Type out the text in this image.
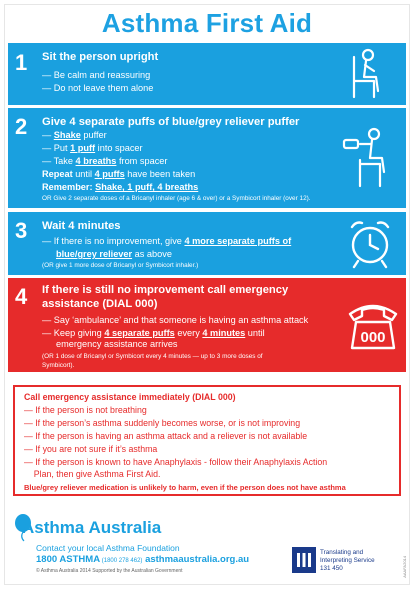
Asthma First Aid
1 Sit the person upright
— Be calm and reassuring
— Do not leave them alone
2 Give 4 separate puffs of blue/grey reliever puffer
— Shake puffer
— Put 1 puff into spacer
— Take 4 breaths from spacer
Repeat until 4 puffs have been taken
Remember: Shake, 1 puff, 4 breaths
OR Give 2 separate doses of a Bricanyl inhaler (age 6 & over) or a Symbicort inhaler (over 12).
3 Wait 4 minutes
— If there is no improvement, give 4 more separate puffs of
blue/grey reliever as above
(OR give 1 more dose of Bricanyl or Symbicort inhaler.)
4 If there is still no improvement call emergency
assistance (DIAL 000)
— Say ‘ambulance’ and that someone is having an asthma attack
— Keep giving 4 separate puffs every 4 minutes until
emergency assistance arrives
(OR 1 dose of Bricanyl or Symbicort every 4 minutes — up to 3 more doses of
Symbicort).
000
Call emergency assistance immediately (DIAL 000)
— If the person is not breathing
— If the person’s asthma suddenly becomes worse, or is not improving
— If the person is having an asthma attack and a reliever is not available
— If you are not sure if it’s asthma
— If the person is known to have Anaphylaxis - follow their Anaphylaxis Action
Plan, then give Asthma First Aid.
Blue/grey reliever medication is unlikely to harm, even if the person does not have asthma
Asthma Australia
Contact your local Asthma Foundation
1800 ASTHMA (1800 278 462) asthmaaustralia.org.au
© Asthma Australia 2014 Supported by the Australian Government
Translating and
Interpreting Service
131 450	AAAFA2014
